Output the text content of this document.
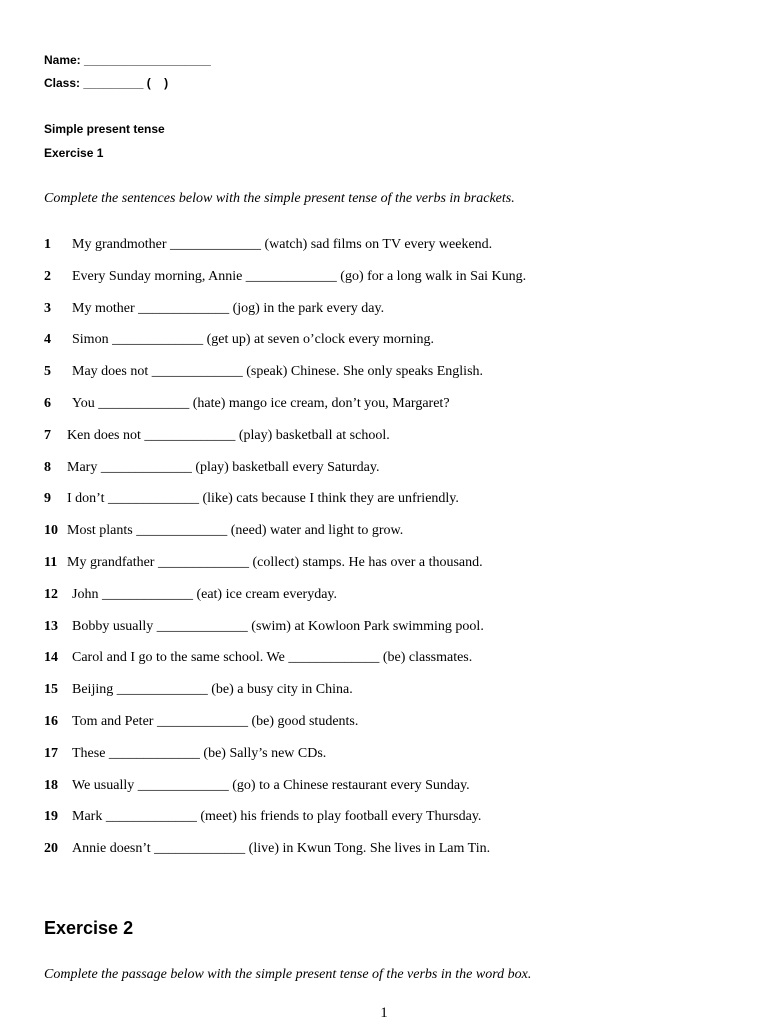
Name: ___________________
Class: _________ (    )
Simple present tense
Exercise 1
Complete the sentences below with the simple present tense of the verbs in brackets.
1 My grandmother _____________ (watch) sad films on TV every weekend.
2 Every Sunday morning, Annie _____________ (go) for a long walk in Sai Kung.
3 My mother _____________ (jog) in the park every day.
4 Simon _____________ (get up) at seven o’clock every morning.
5 May does not _____________ (speak) Chinese. She only speaks English.
6 You _____________ (hate) mango ice cream, don’t you, Margaret?
7 Ken does not _____________ (play) basketball at school.
8 Mary _____________ (play) basketball every Saturday.
9 I don’t _____________ (like) cats because I think they are unfriendly.
10 Most plants _____________ (need) water and light to grow.
11 My grandfather _____________ (collect) stamps. He has over a thousand.
12 John _____________ (eat) ice cream everyday.
13 Bobby usually _____________ (swim) at Kowloon Park swimming pool.
14 Carol and I go to the same school. We _____________ (be) classmates.
15 Beijing _____________ (be) a busy city in China.
16 Tom and Peter _____________ (be) good students.
17 These _____________ (be) Sally’s new CDs.
18 We usually _____________ (go) to a Chinese restaurant every Sunday.
19 Mark _____________ (meet) his friends to play football every Thursday.
20 Annie doesn’t _____________ (live) in Kwun Tong. She lives in Lam Tin.
Exercise 2
Complete the passage below with the simple present tense of the verbs in the word box.
1
